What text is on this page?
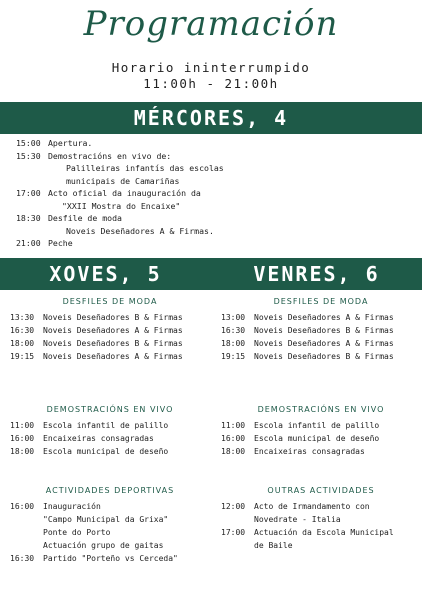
Programación
Horario ininterrumpido
11:00h - 21:00h
MÉRCORES, 4
15:00 Apertura.
15:30 Demostracións en vivo de:
Palilleiras infantís das escolas
municipais de Camariñas
17:00 Acto oficial da inauguración da
"XXII Mostra do Encaixe"
18:30 Desfile de moda
Noveis Deseñadores A & Firmas.
21:00 Peche
XOVES, 5	VENRES, 6
DESFILES DE MODA
13:30	Noveis Deseñadores B & Firmas
16:30	Noveis Deseñadores A & Firmas
18:00	Noveis Deseñadores B & Firmas
19:15	Noveis Deseñadores A & Firmas
DEMOSTRACIÓNS EN VIVO
11:00	Escola infantil de palillo
16:00	Encaixeiras consagradas
18:00	Escola municipal de deseño
ACTIVIDADES DEPORTIVAS
16:00	Inauguración
"Campo Municipal da Grixa"
Ponte do Porto
Actuación grupo de gaitas
16:30	Partido "Porteño vs Cerceda"
DESFILES DE MODA
13:00	Noveis Deseñadores A & Firmas
16:30	Noveis Deseñadores B & Firmas
18:00	Noveis Deseñadores A & Firmas
19:15	Noveis Deseñadores B & Firmas
DEMOSTRACIÓNS EN VIVO
11:00	Escola infantil de palillo
16:00	Escola municipal de deseño
18:00	Encaixeiras consagradas
OUTRAS ACTIVIDADES
12:00	Acto de Irmandamento con
Novedrate - Italia
17:00	Actuación da Escola Municipal
de Baile
